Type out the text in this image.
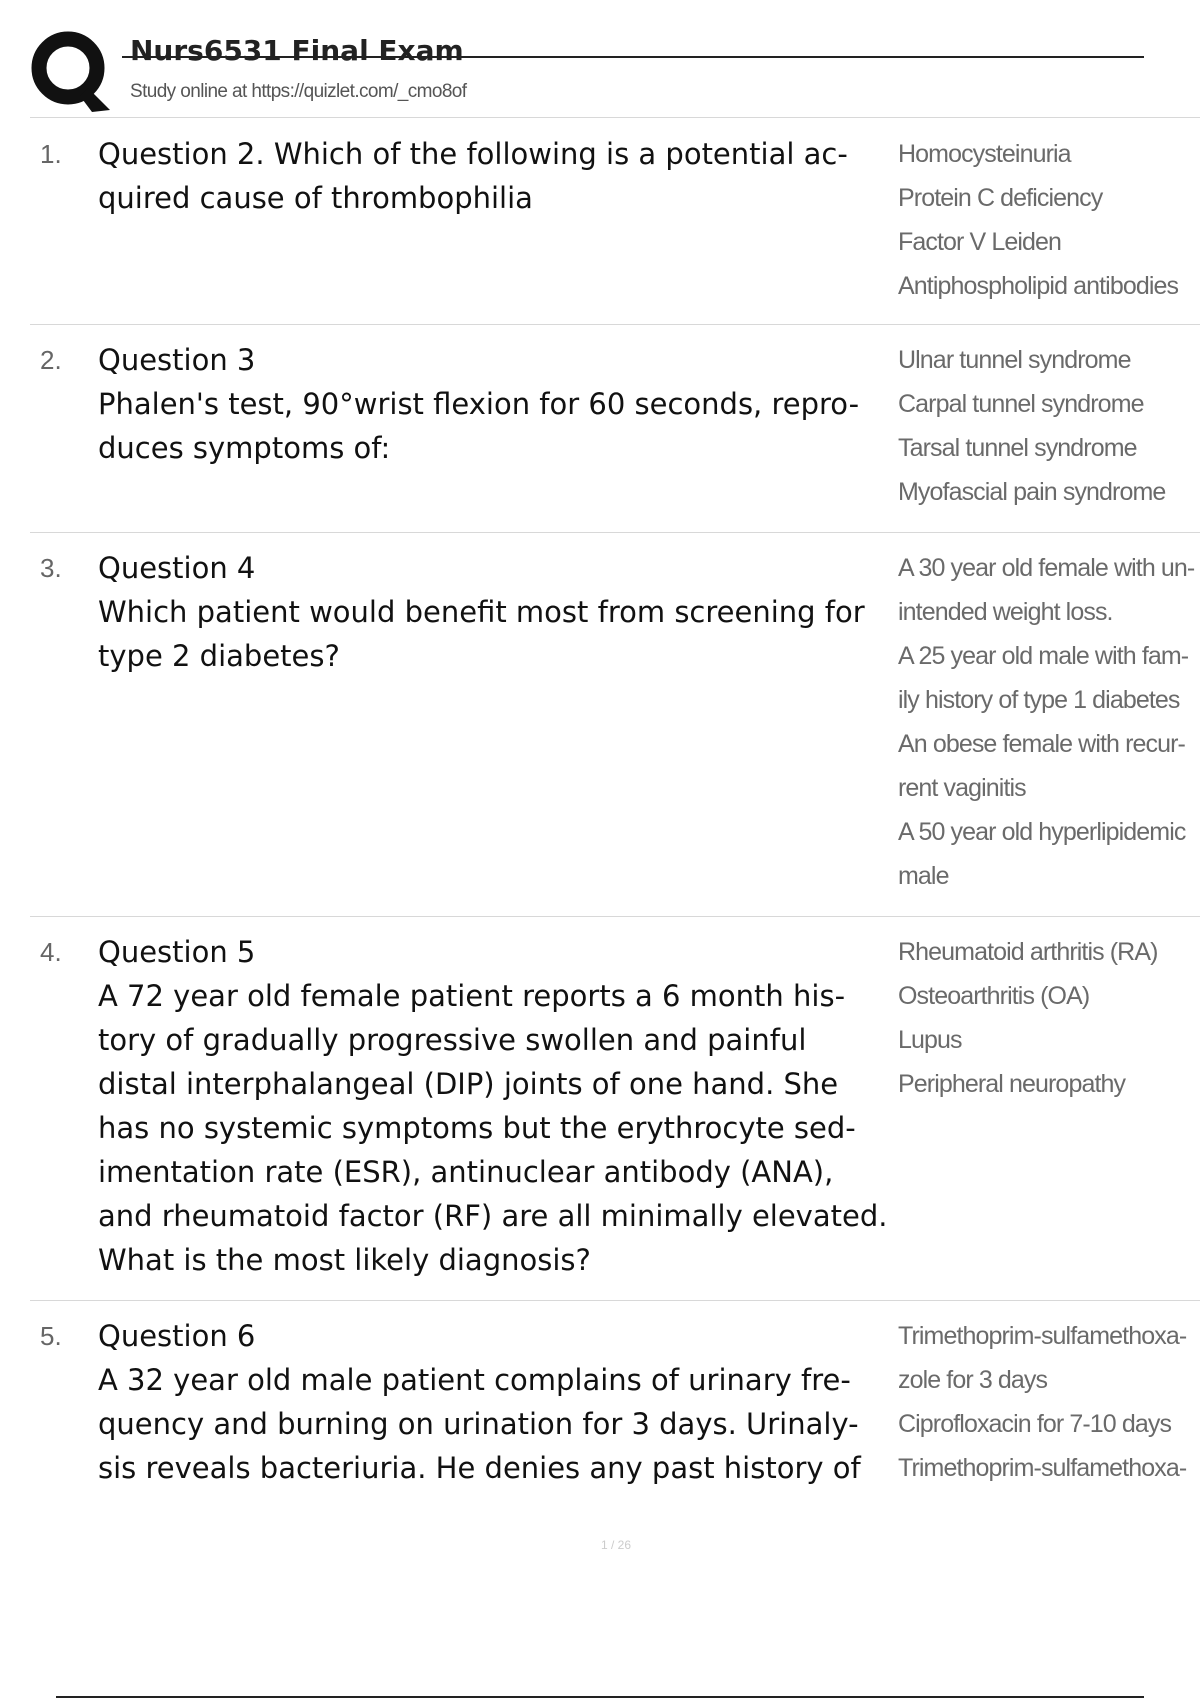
Nurs6531 Final Exam
Study online at https://quizlet.com/_cmo8of
1. Question 2. Which of the following is a potential ac-

quired cause of thrombophilia

Homocysteinuria
Protein C deficiency
Factor V Leiden
Antiphospholipid antibodies
2. Question 3

Phalen's test, 90°wrist flexion for 60 seconds, repro-

duces symptoms of:

Ulnar tunnel syndrome
Carpal tunnel syndrome
Tarsal tunnel syndrome
Myofascial pain syndrome
3. Question 4

Which patient would benefit most from screening for

type 2 diabetes?

A 30 year old female with un-
intended weight loss.
A 25 year old male with fam-
ily history of type 1 diabetes
An obese female with recur-
rent vaginitis
A 50 year old hyperlipidemic
male
4. Question 5

A 72 year old female patient reports a 6 month his-

tory of gradually progressive swollen and painful

distal interphalangeal (DIP) joints of one hand. She

has no systemic symptoms but the erythrocyte sed-

imentation rate (ESR), antinuclear antibody (ANA),

and rheumatoid factor (RF) are all minimally elevated.

What is the most likely diagnosis?

Rheumatoid arthritis (RA)
Osteoarthritis (OA)
Lupus
Peripheral neuropathy
5. Question 6

A 32 year old male patient complains of urinary fre-

quency and burning on urination for 3 days. Urinaly-

sis reveals bacteriuria. He denies any past history of

Trimethoprim-sulfamethoxa-
zole for 3 days
Ciprofloxacin for 7-10 days
Trimethoprim-sulfamethoxa-
1 / 26
